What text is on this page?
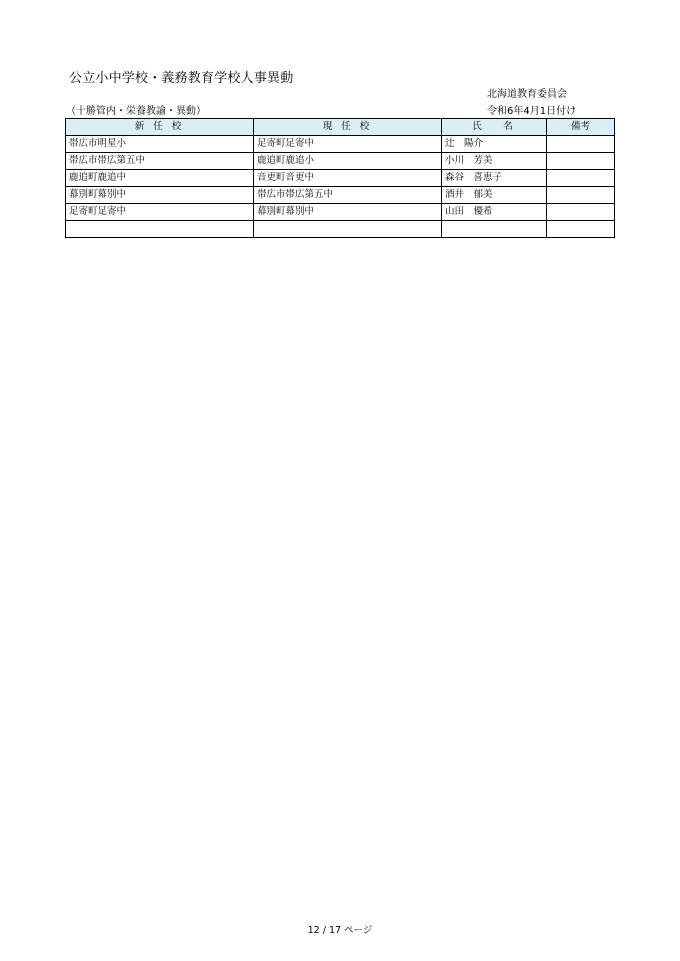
公立小中学校・義務教育学校人事異動
北海道教育委員会
（十勝管内・栄養教諭・異動）	令和6年4月1日付け
新 任 校	現 任 校	氏　 名	備考
帯広市明星小	足寄町足寄中	辻　陽介	
帯広市帯広第五中	鹿追町鹿追小	小川　芳美	
鹿追町鹿追中	音更町音更中	森谷　喜恵子	
幕別町幕別中	帯広市帯広第五中	酒井　郁美	
足寄町足寄中	幕別町幕別中	山田　優希	

12 / 17 ページ
